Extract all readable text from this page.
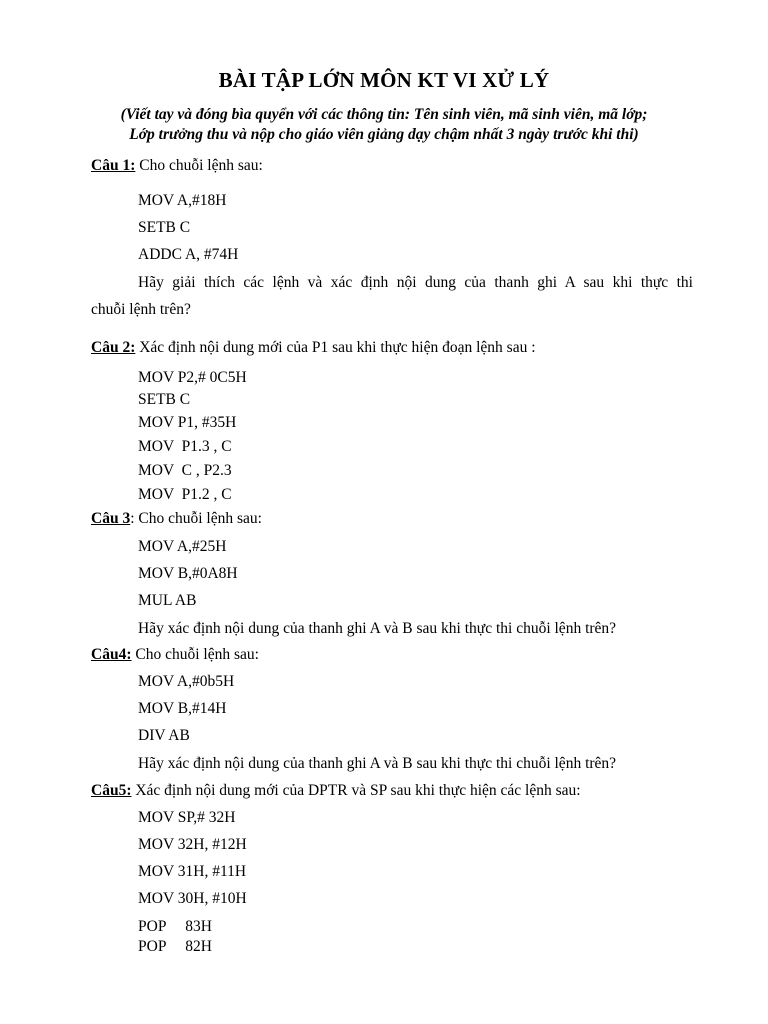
BÀI TẬP LỚN MÔN KT VI XỬ LÝ
(Viết tay và đóng bìa quyển với các thông tin: Tên sinh viên, mã sinh viên, mã lớp;
Lớp trưởng thu và nộp cho giáo viên giảng dạy chậm nhất 3 ngày trước khi thi)
Câu 1: Cho chuỗi lệnh sau:
MOV A,#18H
SETB C
ADDC A, #74H
Hãy giải thích các lệnh và xác định nội dung của thanh ghi A sau khi thực thi
chuỗi lệnh trên?
Câu 2: Xác định nội dung mới của P1 sau khi thực hiện đoạn lệnh sau :
MOV P2,# 0C5H
SETB C
MOV P1, #35H
MOV  P1.3 , C
MOV  C , P2.3
MOV  P1.2 , C
Câu 3: Cho chuỗi lệnh sau:
MOV A,#25H
MOV B,#0A8H
MUL AB
Hãy xác định nội dung của thanh ghi A và B sau khi thực thi chuỗi lệnh trên?
Câu4: Cho chuỗi lệnh sau:
MOV A,#0b5H
MOV B,#14H
DIV AB
Hãy xác định nội dung của thanh ghi A và B sau khi thực thi chuỗi lệnh trên?
Câu5: Xác định nội dung mới của DPTR và SP sau khi thực hiện các lệnh sau:
MOV SP,# 32H
MOV 32H, #12H
MOV 31H, #11H
MOV 30H, #10H
POP     83H
POP     82H
